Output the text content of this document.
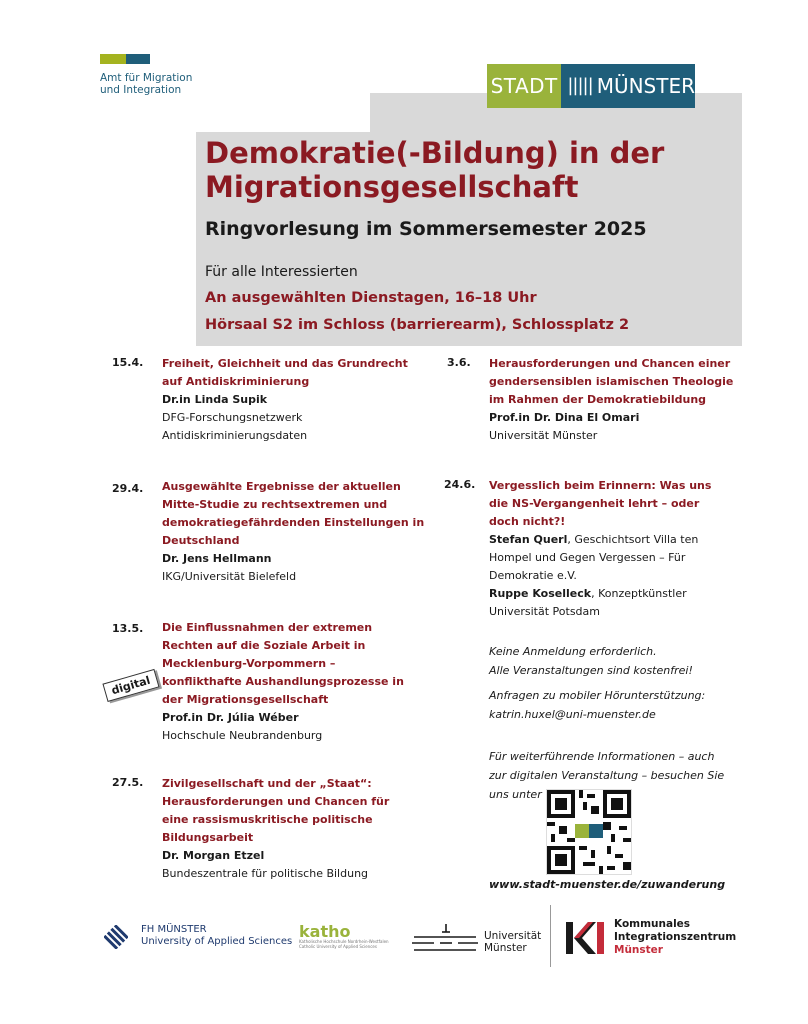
Amt für Migration
und Integration	STADT ||||| MÜNSTER
Demokratie(-Bildung) in der
Migrationsgesellschaft
Ringvorlesung im Sommersemester 2025
Für alle Interessierten
An ausgewählten Dienstagen, 16–18 Uhr
Hörsaal S2 im Schloss (barrierearm), Schlossplatz 2
15.4. Freiheit, Gleichheit und das Grundrecht
auf Antidiskriminierung
Dr.in Linda Supik
DFG-Forschungsnetzwerk
Antidiskriminierungsdaten
29.4. Ausgewählte Ergebnisse der aktuellen
Mitte-Studie zu rechtsextremen und
demokratiegefährdenden Einstellungen in
Deutschland
Dr. Jens Hellmann
IKG/Universität Bielefeld
13.5. Die Einflussnahmen der extremen
Rechten auf die Soziale Arbeit in
Mecklenburg-Vorpommern –
konflikthafte Aushandlungsprozesse in
der Migrationsgesellschaft
Prof.in Dr. Júlia Wéber
Hochschule Neubrandenburg
digital
27.5. Zivilgesellschaft und der „Staat“:
Herausforderungen und Chancen für
eine rassismuskritische politische
Bildungsarbeit
Dr. Morgan Etzel
Bundeszentrale für politische Bildung
3.6. Herausforderungen und Chancen einer
gendersensiblen islamischen Theologie
im Rahmen der Demokratiebildung
Prof.in Dr. Dina El Omari
Universität Münster
24.6. Vergesslich beim Erinnern: Was uns
die NS-Vergangenheit lehrt – oder
doch nicht?!
Stefan Querl, Geschichtsort Villa ten
Hompel und Gegen Vergessen – Für
Demokratie e.V.
Ruppe Koselleck, Konzeptkünstler
Universität Potsdam
Keine Anmeldung erforderlich.
Alle Veranstaltungen sind kostenfrei!
Anfragen zu mobiler Hörunterstützung:
katrin.huxel@uni-muenster.de
Für weiterführende Informationen – auch
zur digitalen Veranstaltung – besuchen Sie
uns unter
www.stadt-muenster.de/zuwanderung
FH MÜNSTER
University of Applied Sciences
katho
Katholische Hochschule Nordrhein-Westfalen Catholic University of Applied Sciences
Universität
Münster
Kommunales
Integrationszentrum
Münster
